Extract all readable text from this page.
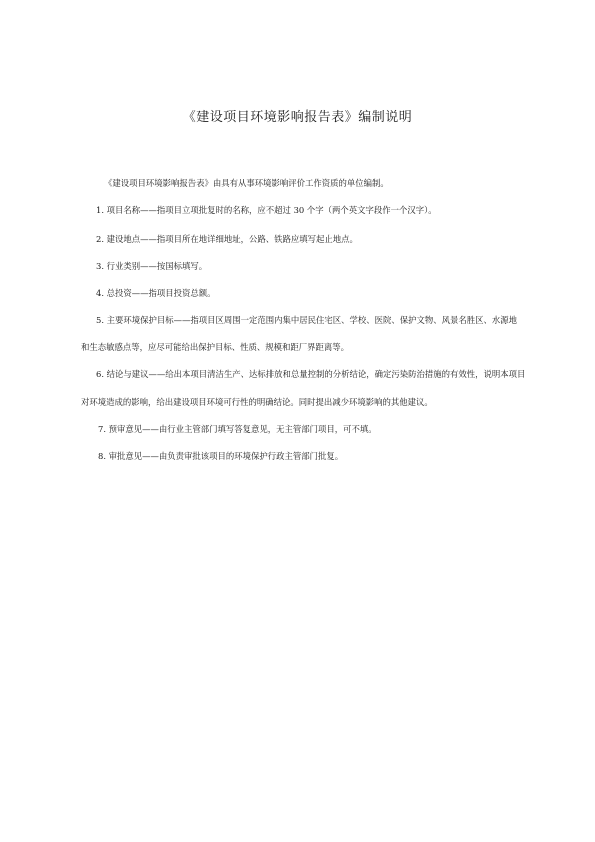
《建设项目环境影响报告表》编制说明
《建设项目环境影响报告表》由具有从事环境影响评价工作资质的单位编制。
1. 项目名称——指项目立项批复时的名称，应不超过 30 个字（两个英文字段作一个汉字）。
2. 建设地点——指项目所在地详细地址，公路、铁路应填写起止地点。
3. 行业类别——按国标填写。
4. 总投资——指项目投资总额。
5. 主要环境保护目标——指项目区周围一定范围内集中居民住宅区、学校、医院、保护文物、风景名胜区、水源地
和生态敏感点等，应尽可能给出保护目标、性质、规模和距厂界距离等。
6. 结论与建议——给出本项目清洁生产、达标排放和总量控制的分析结论，确定污染防治措施的有效性，说明本项目
对环境造成的影响，给出建设项目环境可行性的明确结论。同时提出减少环境影响的其他建议。
7. 预审意见——由行业主管部门填写答复意见，无主管部门项目，可不填。
8. 审批意见——由负责审批该项目的环境保护行政主管部门批复。
